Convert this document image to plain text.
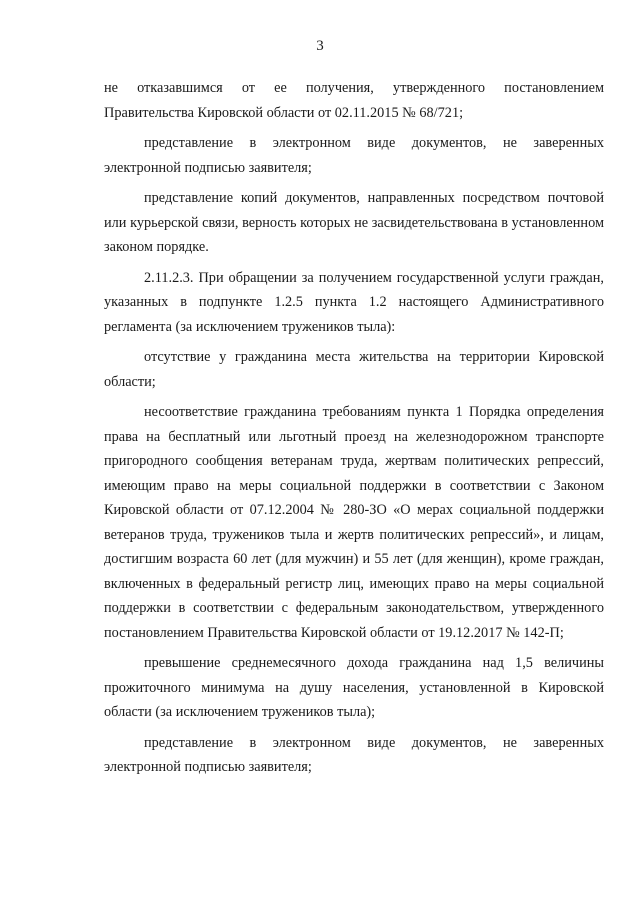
3

не отказавшимся от ее получения, утвержденного постановлением Правительства Кировской области от 02.11.2015 № 68/721;

представление в электронном виде документов, не заверенных электронной подписью заявителя;

представление копий документов, направленных посредством почтовой или курьерской связи, верность которых не засвидетельствована в установленном законом порядке.

2.11.2.3. При обращении за получением государственной услуги граждан, указанных в подпункте 1.2.5 пункта 1.2 настоящего Административного регламента (за исключением тружеников тыла):

отсутствие у гражданина места жительства на территории Кировской области;

несоответствие гражданина требованиям пункта 1 Порядка определения права на бесплатный или льготный проезд на железнодорожном транспорте пригородного сообщения ветеранам труда, жертвам политических репрессий, имеющим право на меры социальной поддержки в соответствии с Законом Кировской области от 07.12.2004 № 280-ЗО «О мерах социальной поддержки ветеранов труда, тружеников тыла и жертв политических репрессий», и лицам, достигшим возраста 60 лет (для мужчин) и 55 лет (для женщин), кроме граждан, включенных в федеральный регистр лиц, имеющих право на меры социальной поддержки в соответствии с федеральным законодательством, утвержденного постановлением Правительства Кировской области от 19.12.2017 № 142-П;

превышение среднемесячного дохода гражданина над 1,5 величины прожиточного минимума на душу населения, установленной в Кировской области (за исключением тружеников тыла);

представление в электронном виде документов, не заверенных электронной подписью заявителя;
